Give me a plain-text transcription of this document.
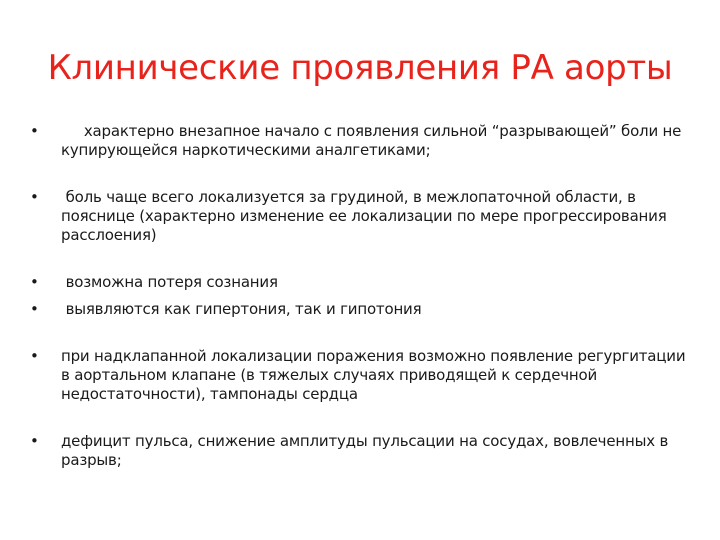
Клинические проявления РА аорты
• характерно внезапное начало с появления сильной “разрывающей” боли не купирующейся наркотическими аналгетиками;
• боль чаще всего локализуется за грудиной, в межлопаточной области, в пояснице (характерно изменение ее локализации по мере прогрессирования расслоения)
• возможна потеря сознания
• выявляются как гипертония, так и гипотония
• при надклапанной локализации поражения возможно появление регургитации в аортальном клапане (в тяжелых случаях приводящей к сердечной недостаточности), тампонады сердца
• дефицит пульса, снижение амплитуды пульсации на сосудах, вовлеченных в разрыв;
